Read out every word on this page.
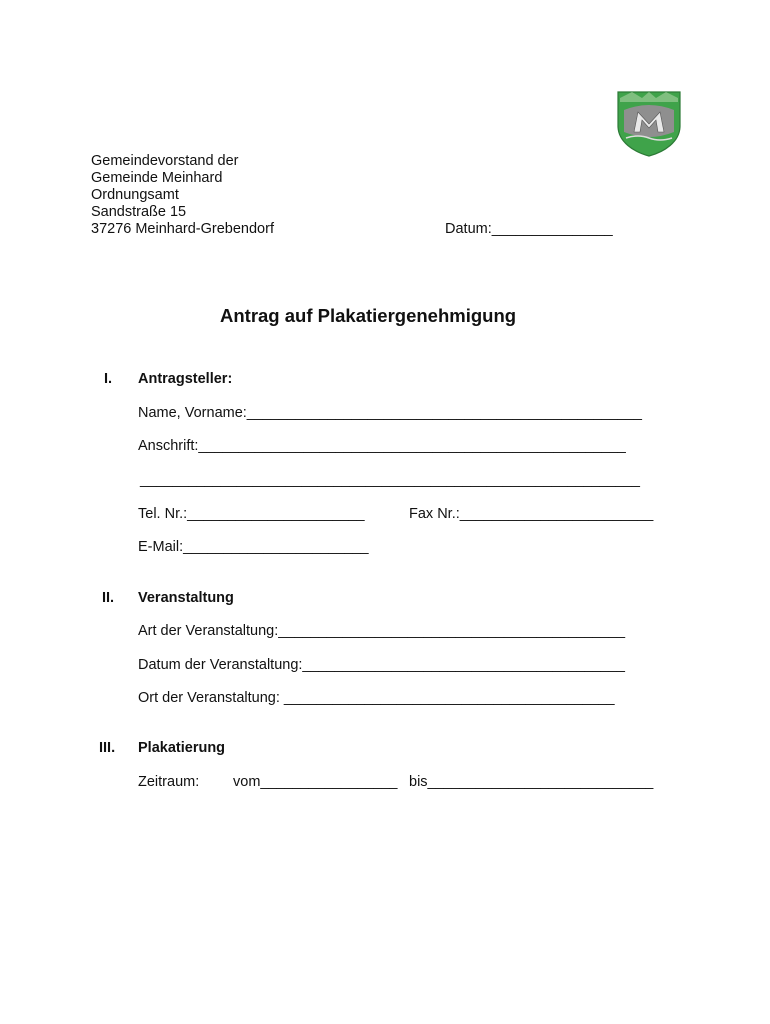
Gemeindevorstand der
Gemeinde Meinhard
Ordnungsamt
Sandstraße 15
37276 Meinhard-Grebendorf	Datum:_______________
Antrag auf Plakatiergenehmigung
I. Antragsteller:
Name, Vorname:_________________________________________________
Anschrift:_____________________________________________________
______________________________________________________________
Tel. Nr.:______________________	Fax Nr.:________________________
E-Mail:_______________________
II. Veranstaltung
Art der Veranstaltung:___________________________________________
Datum der Veranstaltung:________________________________________
Ort der Veranstaltung: _________________________________________
III. Plakatierung
Zeitraum: vom_________________ bis____________________________
